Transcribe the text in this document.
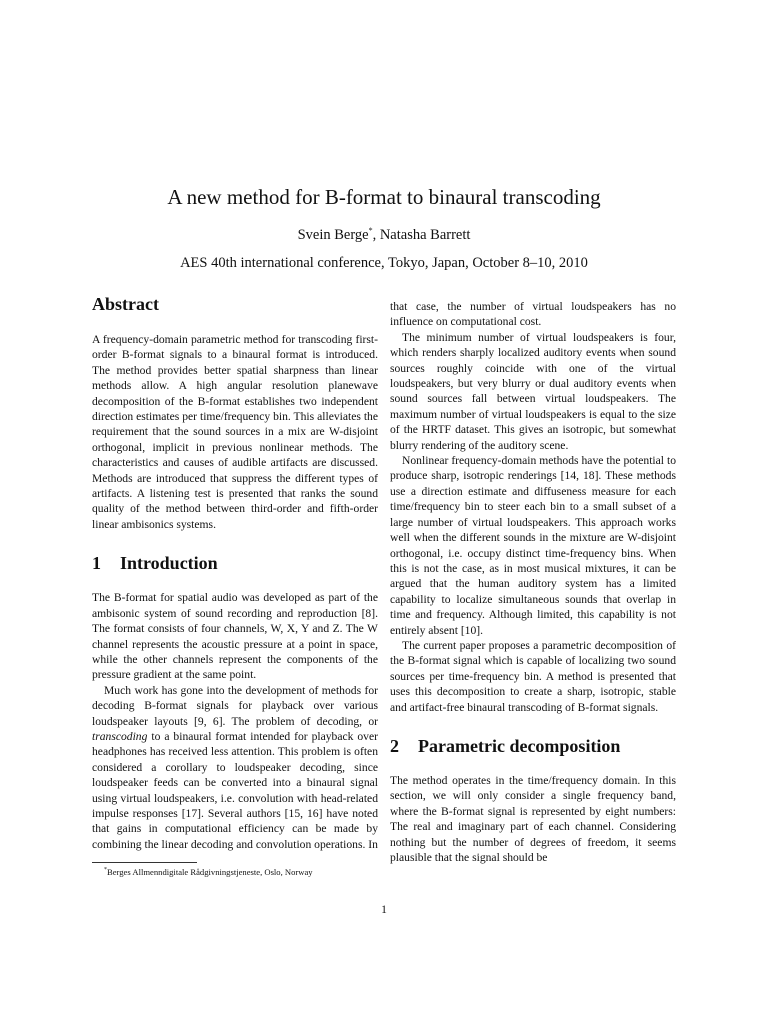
A new method for B-format to binaural transcoding
Svein Berge*, Natasha Barrett
AES 40th international conference, Tokyo, Japan, October 8–10, 2010
Abstract

A frequency-domain parametric method for transcoding first-order B-format signals to a binaural format is introduced. The method provides better spatial sharpness than linear methods allow. A high angular resolution planewave decomposition of the B-format establishes two independent direction estimates per time/frequency bin. This alleviates the requirement that the sound sources in a mix are W-disjoint orthogonal, implicit in previous nonlinear methods. The characteristics and causes of audible artifacts are discussed. Methods are introduced that suppress the different types of artifacts. A listening test is presented that ranks the sound quality of the method between third-order and fifth-order linear ambisonics systems.

1 Introduction

The B-format for spatial audio was developed as part of the ambisonic system of sound recording and reproduction [8]. The format consists of four channels, W, X, Y and Z. The W channel represents the acoustic pressure at a point in space, while the other channels represent the components of the pressure gradient at the same point.

Much work has gone into the development of methods for decoding B-format signals for playback over various loudspeaker layouts [9, 6]. The problem of decoding, or transcoding to a binaural format intended for playback over headphones has received less attention. This problem is often considered a corollary to loudspeaker decoding, since loudspeaker feeds can be converted into a binaural signal using virtual loudspeakers, i.e. convolution with head-related impulse responses [17]. Several authors [15, 16] have noted that gains in computational efficiency can be made by combining the linear decoding and convolution operations. In

that case, the number of virtual loudspeakers has no influence on computational cost.

The minimum number of virtual loudspeakers is four, which renders sharply localized auditory events when sound sources roughly coincide with one of the virtual loudspeakers, but very blurry or dual auditory events when sound sources fall between virtual loudspeakers. The maximum number of virtual loudspeakers is equal to the size of the HRTF dataset. This gives an isotropic, but somewhat blurry rendering of the auditory scene.

Nonlinear frequency-domain methods have the potential to produce sharp, isotropic renderings [14, 18]. These methods use a direction estimate and diffuseness measure for each time/frequency bin to steer each bin to a small subset of a large number of virtual loudspeakers. This approach works well when the different sounds in the mixture are W-disjoint orthogonal, i.e. occupy distinct time-frequency bins. When this is not the case, as in most musical mixtures, it can be argued that the human auditory system has a limited capability to localize simultaneous sounds that overlap in time and frequency. Although limited, this capability is not entirely absent [10].

The current paper proposes a parametric decomposition of the B-format signal which is capable of localizing two sound sources per time-frequency bin. A method is presented that uses this decomposition to create a sharp, isotropic, stable and artifact-free binaural transcoding of B-format signals.

2 Parametric decomposition

The method operates in the time/frequency domain. In this section, we will only consider a single frequency band, where the B-format signal is represented by eight numbers: The real and imaginary part of each channel. Considering nothing but the number of degrees of freedom, it seems plausible that the signal should be

*Berges Allmenndigitale Rådgivningstjeneste, Oslo, Norway
1
